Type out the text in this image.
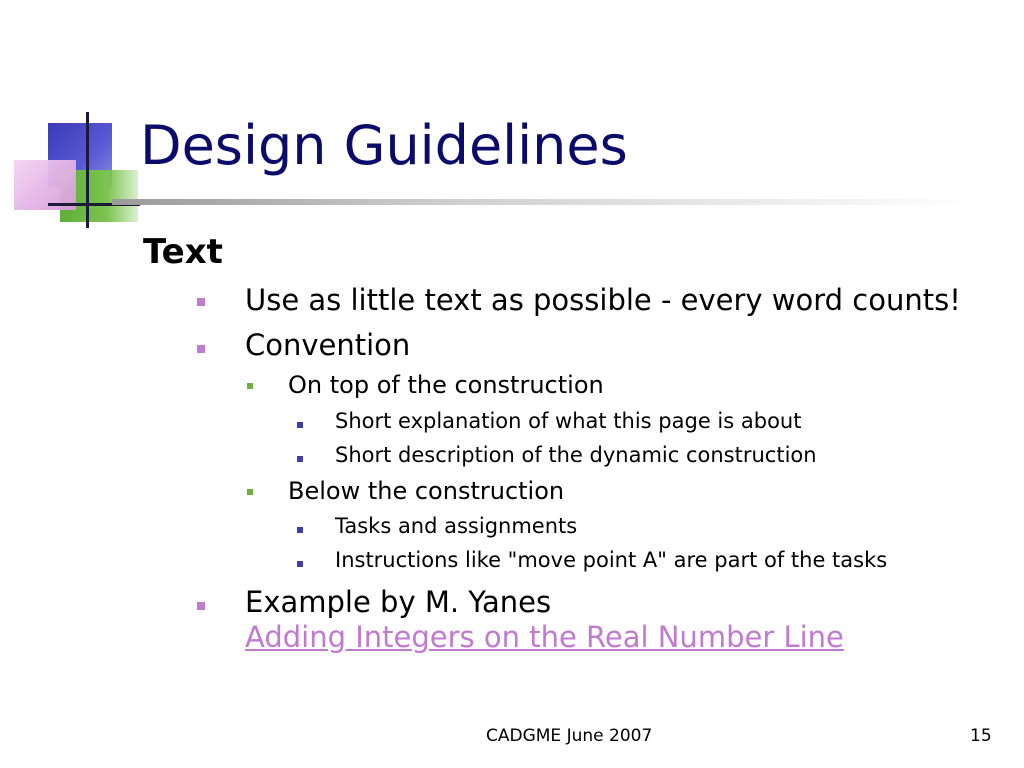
Design Guidelines
Text
Use as little text as possible - every word counts!
Convention
On top of the construction
Short explanation of what this page is about
Short description of the dynamic construction
Below the construction
Tasks and assignments
Instructions like "move point A" are part of the tasks
Example by M. Yanes
Adding Integers on the Real Number Line
CADGME June 2007	15
